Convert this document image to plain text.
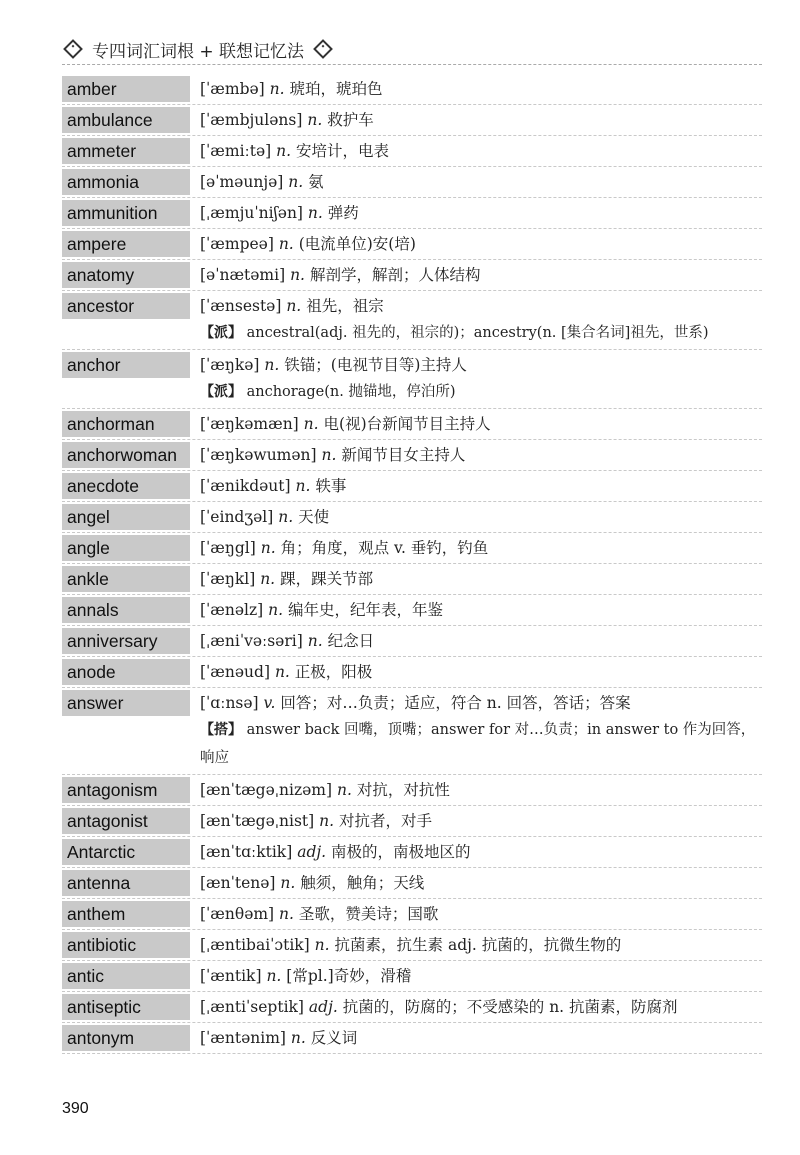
专四词汇词根 + 联想记忆法
amber	[ˈæmbə] n. 琥珀，琥珀色
ambulance	[ˈæmbjuləns] n. 救护车
ammeter	[ˈæmiːtə] n. 安培计，电表
ammonia	[əˈməunjə] n. 氨
ammunition	[ˌæmjuˈniʃən] n. 弹药
ampere	[ˈæmpeə] n. (电流单位)安(培)
anatomy	[əˈnætəmi] n. 解剖学，解剖；人体结构
ancestor	[ˈænsestə] n. 祖先，祖宗
【派】 ancestral(adj. 祖先的，祖宗的)；ancestry(n. [集合名词]祖先，世系)
anchor	[ˈæŋkə] n. 铁锚；(电视节目等)主持人
【派】 anchorage(n. 抛锚地，停泊所)
anchorman	[ˈæŋkəmæn] n. 电(视)台新闻节目主持人
anchorwoman	[ˈæŋkəwumən] n. 新闻节目女主持人
anecdote	[ˈænikdəut] n. 轶事
angel	[ˈeindʒəl] n. 天使
angle	[ˈæŋgl] n. 角；角度，观点 v. 垂钓，钓鱼
ankle	[ˈæŋkl] n. 踝，踝关节部
annals	[ˈænəlz] n. 编年史，纪年表，年鉴
anniversary	[ˌæniˈvəːsəri] n. 纪念日
anode	[ˈænəud] n. 正极，阳极
answer	[ˈɑːnsə] v. 回答；对…负责；适应，符合 n. 回答，答话；答案
【搭】 answer back 回嘴，顶嘴；answer for 对…负责；in answer to 作为回答，响应
antagonism	[ænˈtægəˌnizəm] n. 对抗，对抗性
antagonist	[ænˈtægəˌnist] n. 对抗者，对手
Antarctic	[ænˈtɑːktik] adj. 南极的，南极地区的
antenna	[ænˈtenə] n. 触须，触角；天线
anthem	[ˈænθəm] n. 圣歌，赞美诗；国歌
antibiotic	[ˌæntibaiˈɔtik] n. 抗菌素，抗生素 adj. 抗菌的，抗微生物的
antic	[ˈæntik] n. [常pl.]奇妙，滑稽
antiseptic	[ˌæntiˈseptik] adj. 抗菌的，防腐的；不受感染的 n. 抗菌素，防腐剂
antonym	[ˈæntənim] n. 反义词
390
